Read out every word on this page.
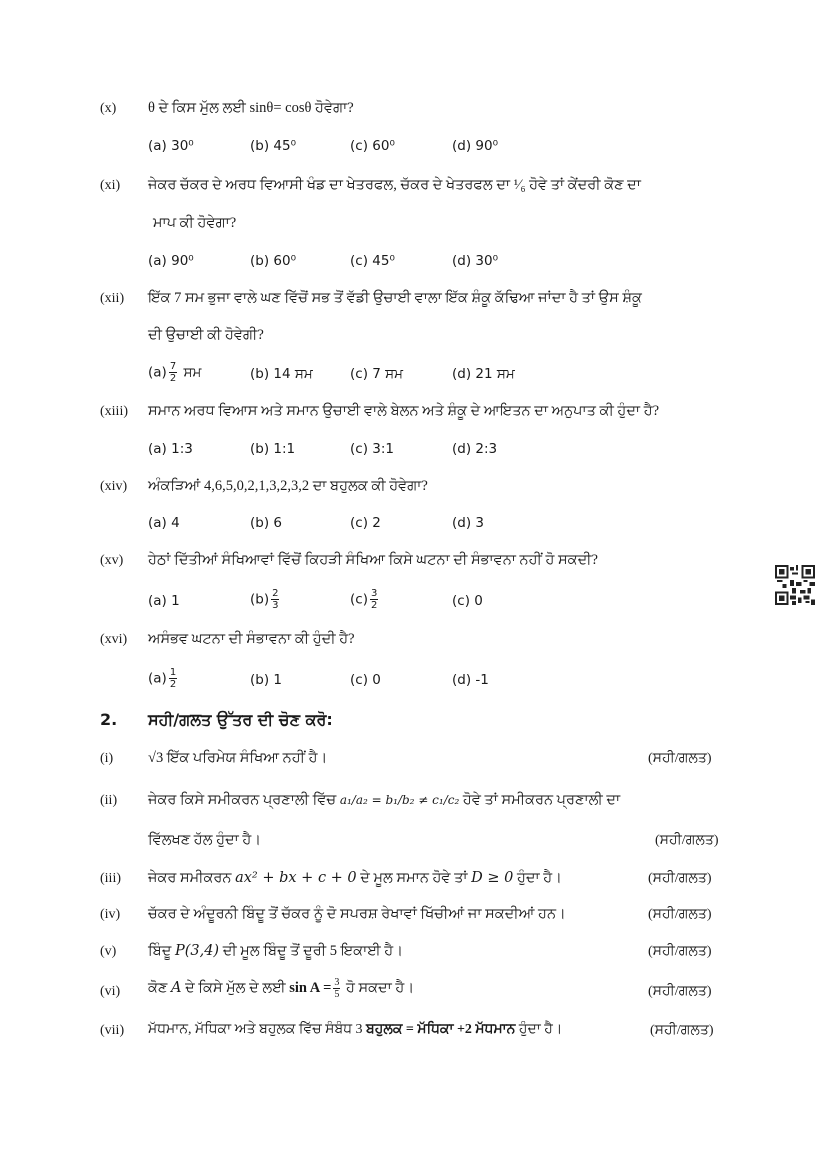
(x) θ ਦੇ ਕਿਸ ਮੁੱਲ ਲਈ sinθ= cosθ ਹੋਵੇਗਾ?
(a) 30⁰	(b) 45⁰	(c) 60⁰	(d) 90⁰
(xi) ਜੇਕਰ ਚੱਕਰ ਦੇ ਅਰਧ ਵਿਆਸੀ ਖੰਡ ਦਾ ਖੇਤਰਫਲ, ਚੱਕਰ ਦੇ ਖੇਤਰਫਲ ਦਾ ¹⁄₆ ਹੋਵੇ ਤਾਂ ਕੇਂਦਰੀ ਕੋਣ ਦਾ
ਮਾਪ ਕੀ ਹੋਵੇਗਾ?
(a) 90⁰	(b) 60⁰	(c) 45⁰	(d) 30⁰
(xii) ਇੱਕ 7 ਸਮ ਭੁਜਾ ਵਾਲੇ ਘਣ ਵਿੱਚੋਂ ਸਭ ਤੋਂ ਵੱਡੀ ਉਚਾਈ ਵਾਲਾ ਇੱਕ ਸ਼ੰਕੂ ਕੱਢਿਆ ਜਾਂਦਾ ਹੈ ਤਾਂ ਉਸ ਸ਼ੰਕੂ
ਦੀ ਉਚਾਈ ਕੀ ਹੋਵੇਗੀ?
$(a) \frac{7}{2}$ ਸਮ	(b) 14 ਸਮ	(c) 7 ਸਮ	(d) 21 ਸਮ
(xiii) ਸਮਾਨ ਅਰਧ ਵਿਆਸ ਅਤੇ ਸਮਾਨ ਉਚਾਈ ਵਾਲੇ ਬੇਲਨ ਅਤੇ ਸ਼ੰਕੂ ਦੇ ਆਇਤਨ ਦਾ ਅਨੁਪਾਤ ਕੀ ਹੁੰਦਾ ਹੈ?
(a) 1:3	(b) 1:1	(c) 3:1	(d) 2:3
(xiv) ਅੰਕੜਿਆਂ 4,6,5,0,2,1,3,2,3,2 ਦਾ ਬਹੁਲਕ ਕੀ ਹੋਵੇਗਾ?
(a) 4	(b) 6	(c) 2	(d) 3
(xv) ਹੇਠਾਂ ਦਿੱਤੀਆਂ ਸੰਖਿਆਵਾਂ ਵਿੱਚੋਂ ਕਿਹੜੀ ਸੰਖਿਆ ਕਿਸੇ ਘਟਨਾ ਦੀ ਸੰਭਾਵਨਾ ਨਹੀਂ ਹੋ ਸਕਦੀ?
(a) 1	$(b) \frac{2}{3}$	$(c) \frac{3}{2}$	(c) 0
(xvi) ਅਸੰਭਵ ਘਟਨਾ ਦੀ ਸੰਭਾਵਨਾ ਕੀ ਹੁੰਦੀ ਹੈ?
$(a) \frac{1}{2}$	(b) 1	(c) 0	(d) -1
2. ਸਹੀ/ਗਲਤ ਉੱਤਰ ਦੀ ਚੋਣ ਕਰੋ:
(i) √3 ਇੱਕ ਪਰਿਮੇਯ ਸੰਖਿਆ ਨਹੀਂ ਹੈ।	(ਸਹੀ/ਗਲਤ)
(ii) ਜੇਕਰ ਕਿਸੇ ਸਮੀਕਰਨ ਪ੍ਰਣਾਲੀ ਵਿੱਚ a₁/a₂ = b₁/b₂ ≠ c₁/c₂ ਹੋਵੇ ਤਾਂ ਸਮੀਕਰਨ ਪ੍ਰਣਾਲੀ ਦਾ
ਵਿੱਲਖਣ ਹੱਲ ਹੁੰਦਾ ਹੈ।	(ਸਹੀ/ਗਲਤ)
(iii) ਜੇਕਰ ਸਮੀਕਰਨ ax² + bx + c + 0 ਦੇ ਮੂਲ ਸਮਾਨ ਹੋਵੇ ਤਾਂ D ≥ 0 ਹੁੰਦਾ ਹੈ।	(ਸਹੀ/ਗਲਤ)
(iv) ਚੱਕਰ ਦੇ ਅੰਦੂਰਨੀ ਬਿੰਦੂ ਤੋਂ ਚੱਕਰ ਨੂੰ ਦੋ ਸਪਰਸ਼ ਰੇਖਾਵਾਂ ਖਿੱਚੀਆਂ ਜਾ ਸਕਦੀਆਂ ਹਨ।	(ਸਹੀ/ਗਲਤ)
(v) ਬਿੰਦੂ P(3,4) ਦੀ ਮੂਲ ਬਿੰਦੂ ਤੋਂ ਦੂਰੀ 5 ਇਕਾਈ ਹੈ।	(ਸਹੀ/ਗਲਤ)
(vi) ਕੋਣ A ਦੇ ਕਿਸੇ ਮੁੱਲ ਦੇ ਲਈ $\sin A = \frac{3}{5}$ ਹੋ ਸਕਦਾ ਹੈ।	(ਸਹੀ/ਗਲਤ)
(vii) ਮੱਧਮਾਨ, ਮੱਧਿਕਾ ਅਤੇ ਬਹੁਲਕ ਵਿੱਚ ਸੰਬੰਧ 3 ਬਹੁਲਕ = ਮੱਧਿਕਾ +2 ਮੱਧਮਾਨ ਹੁੰਦਾ ਹੈ।	(ਸਹੀ/ਗਲਤ)
